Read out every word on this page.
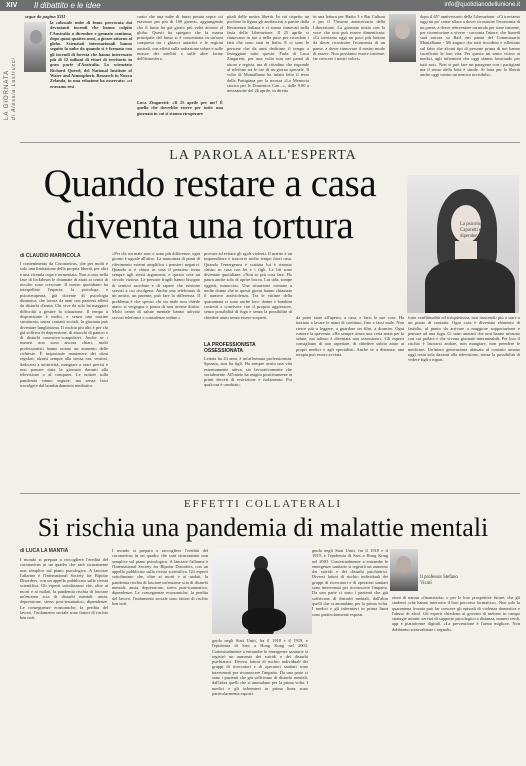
XIV Il dibattito e le idee	info@quotidianodellunione.it
LA GIORNATA di Alessia Lastrucci
segue da pagina XIII
la colossale nube di fumo provocata dai devastanti incendi che hanno colpito l'Australia a dicembre e gennaio continua, dopo quasi quattro mesi, a girare attorno al globo. Scienziati internazionali hanno seguito la nube da quando si è formata con gli incendi di foresta che hanno interessato più di 12 milioni di ettari di territorio in gran parte d'Australia. Lo scienziato Richard Querel, del National Institute of Water and Atmospheric Research in Nuova Zelanda, in una relazione ha osservato: «ci eravamo resi
conto che una nube di fumo posata sopra «ci eravamo per più di 100 giorni», aggiungendo che il fumo ha già girato più volte attorno al globo. Questi ha spiegato che la massa principale del fumo si è concentrata in un'area compresa tra i ghiacci antartici e le regioni australi, con effetti sulla radiazione solare e sulle misure dei satelliti e sulle altre forme dell'atmosfera.
Luca Zingaretti: «Il 25 aprile per me? È quello che dovrebbe essere per tutti: una giornata in cui si stanno ricuperare
pitali delle nostra libertà. In cui rispetto un pochino la figura gli antifascisti a partire dalla Resistenza italiana e ci siamo rinnovati nella festa della Liberazione. Il 25 aprile ci rinnovano in noi a nella pace per ricordare i fatti che sono stati in Italia. E ci sono le persone che da anni dedicano il tempo a festeggiare tutto questo. Parla di Luca Zingaretti, per una volta non nei panni di attore e regista, ma di cittadino che risponde al telefono tra le ore di un giorno speciale. Il volto di Montalbano ha infatti letto il testo della Partigiana per la mostra «La Memoria storica per le Domenica Con...», dalle 9.00 a mezzanotte del 26 aprile, in diretta
in una lettura per Radio 3 e Rai Cultura e per il 75esimo anniversario della Liberazione. La giornata inizia con la voce che non può essere dimenticata: «Ci troviamo oggi un poco più lontani da dover ricostruire l'economia di un paese, a dover rinnovare il nostro modo di essere. Non possiamo essere insieme, far crescere i nostri valori»
dopo il 65° anniversario della Liberazione. «Ci troviamo oggi un po' come allora a dover ricostruire l'economia di un paese, a dover reinventare un modo per stare insieme, per ricominciare a vivere - racconta l'attore, che liunedì sarà ancora su Rai1 nei panni del Commissario Montalbano - Mi auguro che tutti ricordino e riflettano sul fatto che alcuni tipi di persone prima di noi hanno sacrificato la loro vita. Per questo mi sento vicino ai medici, agli infermieri che oggi stanno lavorando per tutti noi». Non si può fare un paragone con i partigiani ma il senso della lotta è simile. Si lotta per la libertà anche oggi contro un nemico invisibile».
LA PAROLA ALL'ESPERTA
Quando restare a casa diventa una tortura	La psicologa Elsa Caporetti e le dipendenze
di CLAUDIO MARINCOLA
I contenimento da Coronavirus, che per molti è solo una limitazione della propria libertà, per altri è una vicenda cupa e tormentata. Non a caso nella fase di lockdown le chiamate di aiuto ai centri di ascolto sono cresciute. Il nostro quotidiano ha interpellato l'esperta: la psicologa e psicoterapeuta, già docente di psicologia dinamica, che lavora da anni con pazienti affetti da disturbi d'ansia. Chi vive da solo ha maggiori difficoltà a gestire la situazione. Il tempo a disposizione è molto, e senza una routine strutturata, senza contatti sociali, la giornata può diventare lunghissima. Il rischio più alto è per chi già soffriva di depressione, di attacchi di panico o di disturbi ossessivo-compulsivi. Anche se i numeri non sono ancora chiari, molti professionisti hanno notato un aumento delle richieste. È importante mantenere dei ritmi regolari, alzarsi sempre alla stessa ora, vestirsi, dedicarsi a un'attività, mangiare a orari precisi e non passare tutta la giornata davanti alla televisione o al computer. Le notizie sulla pandemia vanno seguite, ma senza farsi travolgere dal bombardamento mediatico.
«Per chi sta male non ci sono più differenze, ogni giorno è uguale all'altro. La mancanza di punti di riferimento esterni amplifica i pensieri negativi. Quando si è chiusi in casa il pensiero torna sempre agli stessi argomenti, e questo crea un circolo vizioso. Le persone fragili hanno bisogno di sentirsi ascoltate e di sapere che esistono servizi a cui rivolgersi. Anche una telefonata di un amico, un parente, può fare la differenza. Il problema è che spesso chi sta male non chiede aiuto: si vergogna o pensa di non averne diritto. Molti centri di salute mentale hanno attivato servizi telefonici e consulenze online.»
provare ad evitare gli sgoli violenti. Il marito è un imprenditore e trascorre molto tempo fuori casa. Quando l'emergenza è scattata lui è rimasto chiuso in casa con lei e i figli. Le liti sono diventate quotidiane. «Non so più cosa fare. Ho paura anche solo di aprire bocca. Lui urla, rompe oggetti, minaccia». Una situazione comune a molte donne che in questi giorni hanno chiamato il numero antiviolenza. Tra le vittime della quarantena ci sono anche loro: donne e bambini costretti a convivere con il proprio aggressore, senza possibilità di fuga e senza la possibilità di chiedere aiuto senza essere scoperti.
LA PROFESSIONISTA OSSESSIONATA
Letizia ha 43 anni, è un'affermata professionista. Sposata, non ha figli. Ha sempre avuto una vita estremamente attiva, sia lavorativamente che socialmente. All'inizio ha reagito positivamente ai primi decreti di restrizione e isolamento. Poi qualcosa è cambiato.
da poter stare all'aperto, a casa, e farsi le sue cose. Ha iniziato a lavare le mani di continuo, fino a farsi male. Non riesce più a leggere, a guardare un film, a dormire. Ogni rumore la spaventa. «Ho sempre avuto una certa ansia per la salute, ma adesso è diventata una ossessione». Gli esperti consigliano di non aspettare, di chiedere subito aiuto ai propri medici o agli specialisti. Anche se a distanza, una terapia può essere avviata.
forte conflittualità ed irriquietezza, non riuscendo più a stare a un punto di contatto. Ogni cosa è diventata elemento di fastidio, al punto da arrivare a maggiore sopportazione e pensare ad una fuga. Ci sono anziani che non hanno nessuno con cui parlare e che vivono giornate interminabili. Per loro il rischio è lasciarsi andare, non mangiare, non prendere le medicine. Un'intera generazione abituata al contatto umano oggi resta sola davanti alla televisione, senza la possibilità di vedere figli e nipoti.
EFFETTI COLLATERALI
Si rischia una pandemia di malattie mentali
di LUCA LA MANTIA
I mondo si prepara a raccogliere l'eredità del coronavirus in un quadro che sarà sicuramente non semplice sul piano psicologico. A lanciare l'allarme è l'International Society for Bipolar Disorders, con un appello pubblicato sulla rivista scientifica. Gli esperti sottolineano che, oltre ai morti e ai malati, la pandemia rischia di lasciare un'enorme scia di disturbi mentali: ansia, depressione, stress post-traumatico, dipendenze. Le conseguenze economiche, la perdita del lavoro, l'isolamento sociale sono fattori di rischio ben noti.
I mondo si prepara a raccogliere l'eredità del coronavirus in un quadro che sarà sicuramente non semplice sul piano psicologico. A lanciare l'allarme è l'International Society for Bipolar Disorders, con un appello pubblicato sulla rivista scientifica. Gli esperti sottolineano che, oltre ai morti e ai malati, la pandemia rischia di lasciare un'enorme scia di disturbi mentali: ansia, depressione, stress post-traumatico, dipendenze. Le conseguenze economiche, la perdita del lavoro, l'isolamento sociale sono fattori di rischio ben noti.
gnola negli Stati Uniti, fra il 1918 e il 1919, e l'epidemia di Sars a Hong Kong nel 2003. Contestualmente a entrambe le emergenze sanitarie si registrò un aumento dei suicidi e dei disturbi psichiatrici. Diversi fattori di rischio individuali dei gruppi di ricercatori e di operatori sanitari sono intervenuti per riconoscere l'impatto. Da una parte ci sono i pazienti che già soffrivano di disturbi mentali, dall'altra quelli che si ammalano per la prima volta. I medici e gli infermieri in prima linea sono particolarmente esposti.
gnola negli Stati Uniti, fra il 1918 e il 1919, e l'epidemia di Sars a Hong Kong nel 2003. Contestualmente a entrambe le emergenze sanitarie si registrò un aumento dei suicidi e dei disturbi psichiatrici. Diversi fattori di rischio individuali dei gruppi di ricercatori e di operatori sanitari sono intervenuti per riconoscere l'impatto. Da una parte ci sono i pazienti che già soffrivano di disturbi mentali, dall'altra quelli che si ammalano per la prima volta. I medici e gli infermieri in prima linea sono particolarmente esposti.
Il professor Stefano Vicari
zioni di natura «finanziaria» o per le loro prospettive future, che gli studenti «che hanno interrotto il loro percorso formativo». Non solo la quarantena forzata può far crescere gli episodi di violenza domestica e l'abuso di alcol. Gli esperti chiedono ai governi di mettere in campo strategie mirate: servizi di supporto psicologico a distanza, numeri verdi, app e piattaforme digitali. «La prevenzione è l'arma migliore. Non dobbiamo sottovalutare i segnali».
